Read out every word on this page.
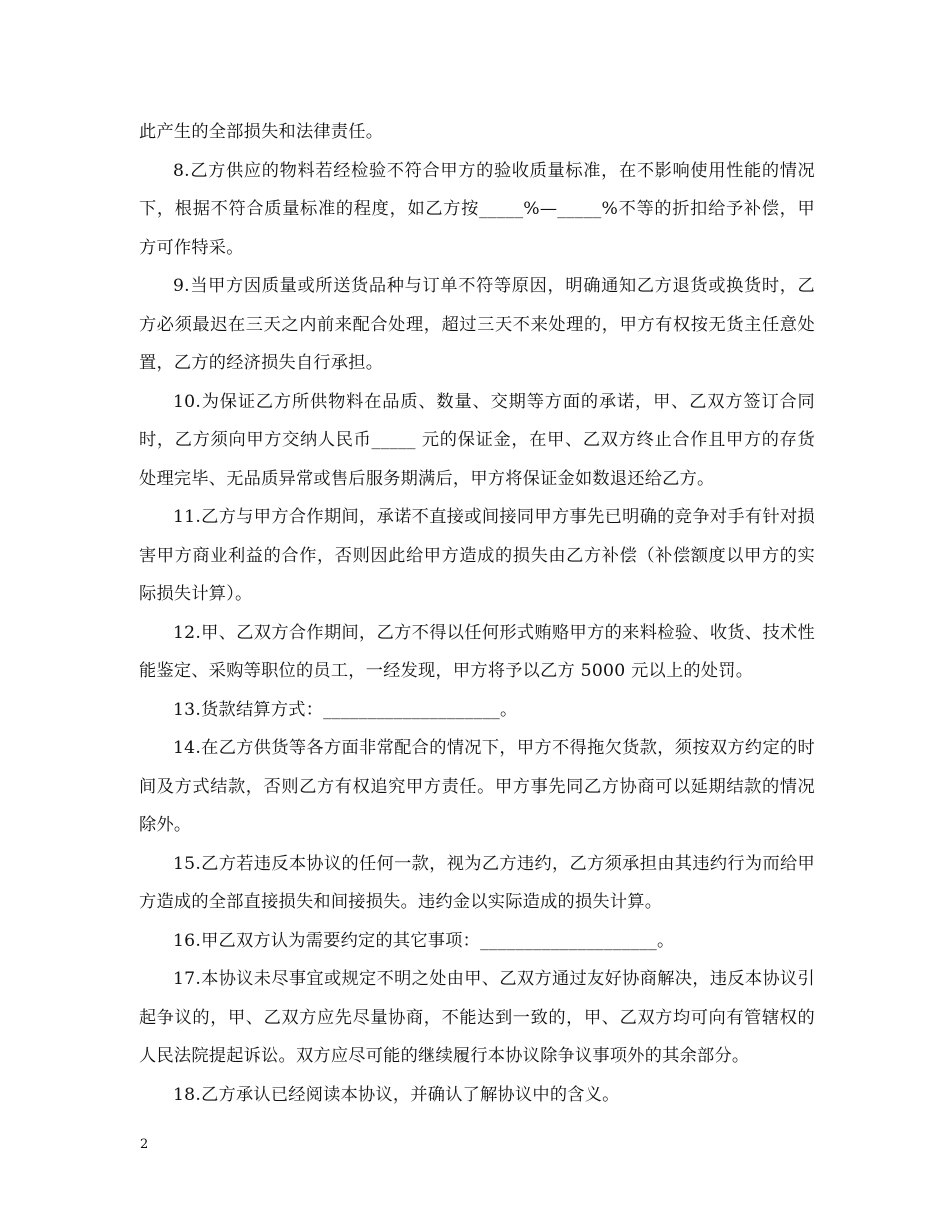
此产生的全部损失和法律责任。

8.乙方供应的物料若经检验不符合甲方的验收质量标准，在不影响使用性能的情况下，根据不符合质量标准的程度，如乙方按_____%—_____%不等的折扣给予补偿，甲方可作特采。

9.当甲方因质量或所送货品种与订单不符等原因，明确通知乙方退货或换货时，乙方必须最迟在三天之内前来配合处理，超过三天不来处理的，甲方有权按无货主任意处置，乙方的经济损失自行承担。

10.为保证乙方所供物料在品质、数量、交期等方面的承诺，甲、乙双方签订合同时，乙方须向甲方交纳人民币_____ 元的保证金，在甲、乙双方终止合作且甲方的存货处理完毕、无品质异常或售后服务期满后，甲方将保证金如数退还给乙方。

11.乙方与甲方合作期间，承诺不直接或间接同甲方事先已明确的竞争对手有针对损害甲方商业利益的合作，否则因此给甲方造成的损失由乙方补偿（补偿额度以甲方的实际损失计算）。

12.甲、乙双方合作期间，乙方不得以任何形式贿赂甲方的来料检验、收货、技术性能鉴定、采购等职位的员工，一经发现，甲方将予以乙方 5000 元以上的处罚。

13.货款结算方式：____________________。

14.在乙方供货等各方面非常配合的情况下，甲方不得拖欠货款，须按双方约定的时间及方式结款，否则乙方有权追究甲方责任。甲方事先同乙方协商可以延期结款的情况除外。

15.乙方若违反本协议的任何一款，视为乙方违约，乙方须承担由其违约行为而给甲方造成的全部直接损失和间接损失。违约金以实际造成的损失计算。

16.甲乙双方认为需要约定的其它事项：____________________。

17.本协议未尽事宜或规定不明之处由甲、乙双方通过友好协商解决，违反本协议引起争议的，甲、乙双方应先尽量协商，不能达到一致的，甲、乙双方均可向有管辖权的人民法院提起诉讼。双方应尽可能的继续履行本协议除争议事项外的其余部分。

18.乙方承认已经阅读本协议，并确认了解协议中的含义。

2
